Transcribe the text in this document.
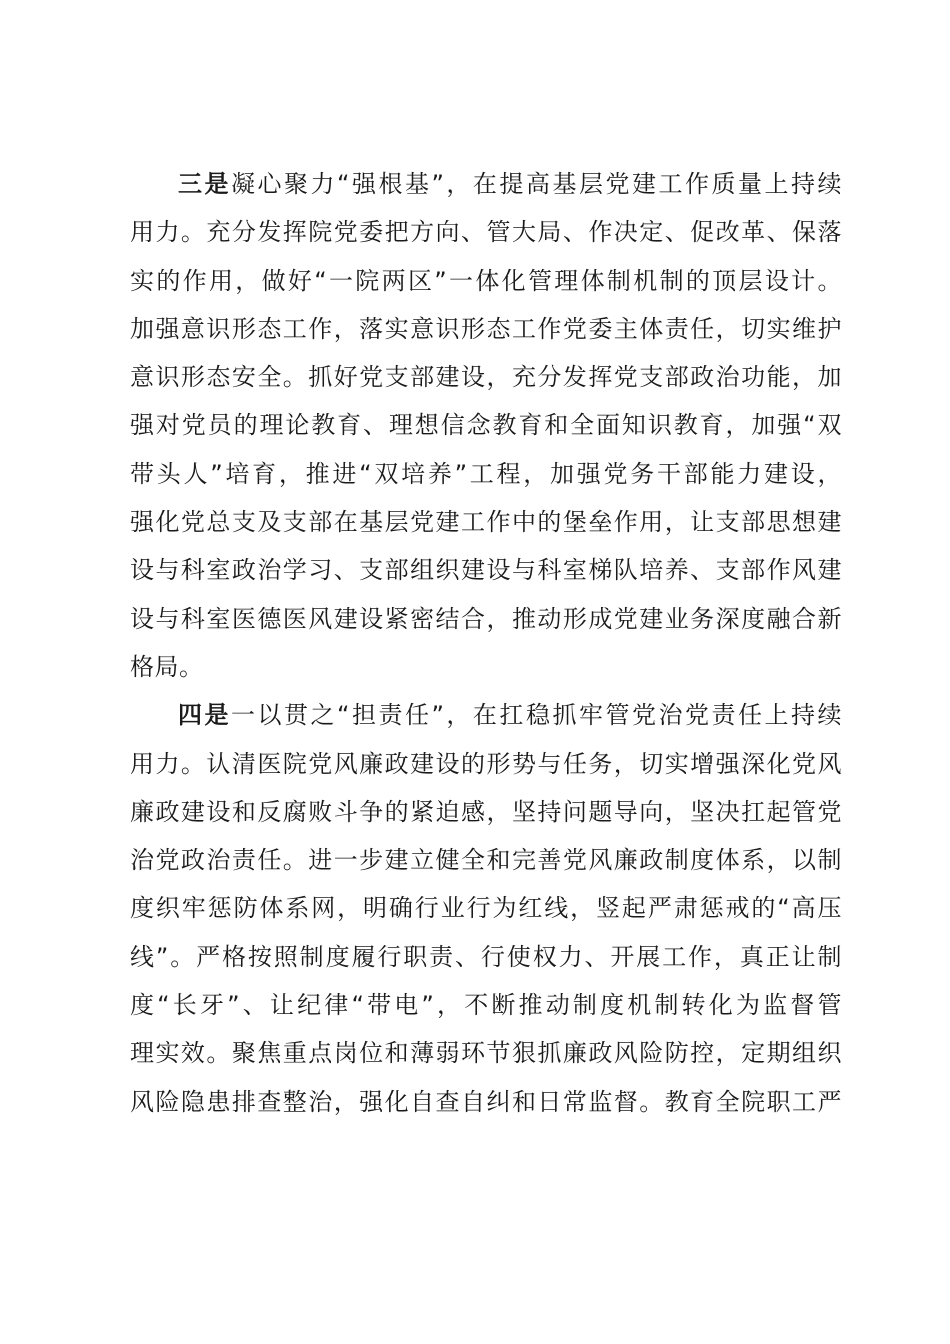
三是凝心聚力“强根基”，在提高基层党建工作质量上持续
用力。充分发挥院党委把方向、管大局、作决定、促改革、保落
实的作用，做好“一院两区”一体化管理体制机制的顶层设计。
加强意识形态工作，落实意识形态工作党委主体责任，切实维护
意识形态安全。抓好党支部建设，充分发挥党支部政治功能，加
强对党员的理论教育、理想信念教育和全面知识教育，加强“双
带头人”培育，推进“双培养”工程，加强党务干部能力建设，
强化党总支及支部在基层党建工作中的堡垒作用，让支部思想建
设与科室政治学习、支部组织建设与科室梯队培养、支部作风建
设与科室医德医风建设紧密结合，推动形成党建业务深度融合新
格局。
四是一以贯之“担责任”，在扛稳抓牢管党治党责任上持续
用力。认清医院党风廉政建设的形势与任务，切实增强深化党风
廉政建设和反腐败斗争的紧迫感，坚持问题导向，坚决扛起管党
治党政治责任。进一步建立健全和完善党风廉政制度体系，以制
度织牢惩防体系网，明确行业行为红线，竖起严肃惩戒的“高压
线”。严格按照制度履行职责、行使权力、开展工作，真正让制
度“长牙”、让纪律“带电”，不断推动制度机制转化为监督管
理实效。聚焦重点岗位和薄弱环节狠抓廉政风险防控，定期组织
风险隐患排查整治，强化自查自纠和日常监督。教育全院职工严
